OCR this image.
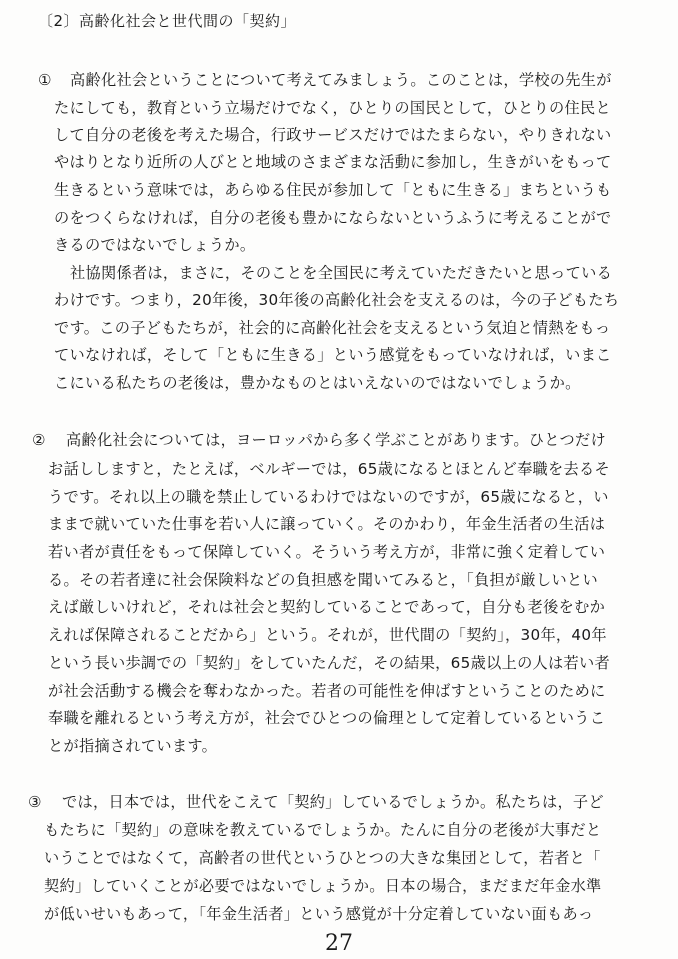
〔2〕高齢化社会と世代間の「契約」
① 高齢化社会ということについて考えてみましょう。このことは，学校の先生が
たにしても，教育という立場だけでなく，ひとりの国民として，ひとりの住民と
して自分の老後を考えた場合，行政サービスだけではたまらない，やりきれない
やはりとなり近所の人びとと地域のさまざまな活動に参加し，生きがいをもって
生きるという意味では，あらゆる住民が参加して「ともに生きる」まちというも
のをつくらなければ，自分の老後も豊かにならないというふうに考えることがで
きるのではないでしょうか。
社協関係者は，まさに，そのことを全国民に考えていただきたいと思っている
わけです。つまり，20年後，30年後の高齢化社会を支えるのは，今の子どもたち
です。この子どもたちが，社会的に高齢化社会を支えるという気迫と情熱をもっ
ていなければ，そして「ともに生きる」という感覚をもっていなければ，いまこ
こにいる私たちの老後は，豊かなものとはいえないのではないでしょうか。
② 高齢化社会については，ヨーロッパから多く学ぶことがあります。ひとつだけ
お話ししますと，たとえば，ベルギーでは，65歳になるとほとんど奉職を去るそ
うです。それ以上の職を禁止しているわけではないのですが，65歳になると，い
ままで就いていた仕事を若い人に譲っていく。そのかわり，年金生活者の生活は
若い者が責任をもって保障していく。そういう考え方が，非常に強く定着してい
る。その若者達に社会保険料などの負担感を聞いてみると，「負担が厳しいとい
えば厳しいけれど，それは社会と契約していることであって，自分も老後をむか
えれば保障されることだから」という。それが，世代間の「契約」，30年，40年
という長い歩調での「契約」をしていたんだ，その結果，65歳以上の人は若い者
が社会活動する機会を奪わなかった。若者の可能性を伸ばすということのために
奉職を離れるという考え方が，社会でひとつの倫理として定着しているというこ
とが指摘されています。
③ では，日本では，世代をこえて「契約」しているでしょうか。私たちは，子ど
もたちに「契約」の意味を教えているでしょうか。たんに自分の老後が大事だと
いうことではなくて，高齢者の世代というひとつの大きな集団として，若者と「
契約」していくことが必要ではないでしょうか。日本の場合，まだまだ年金水準
が低いせいもあって，「年金生活者」という感覚が十分定着していない面もあっ
27
